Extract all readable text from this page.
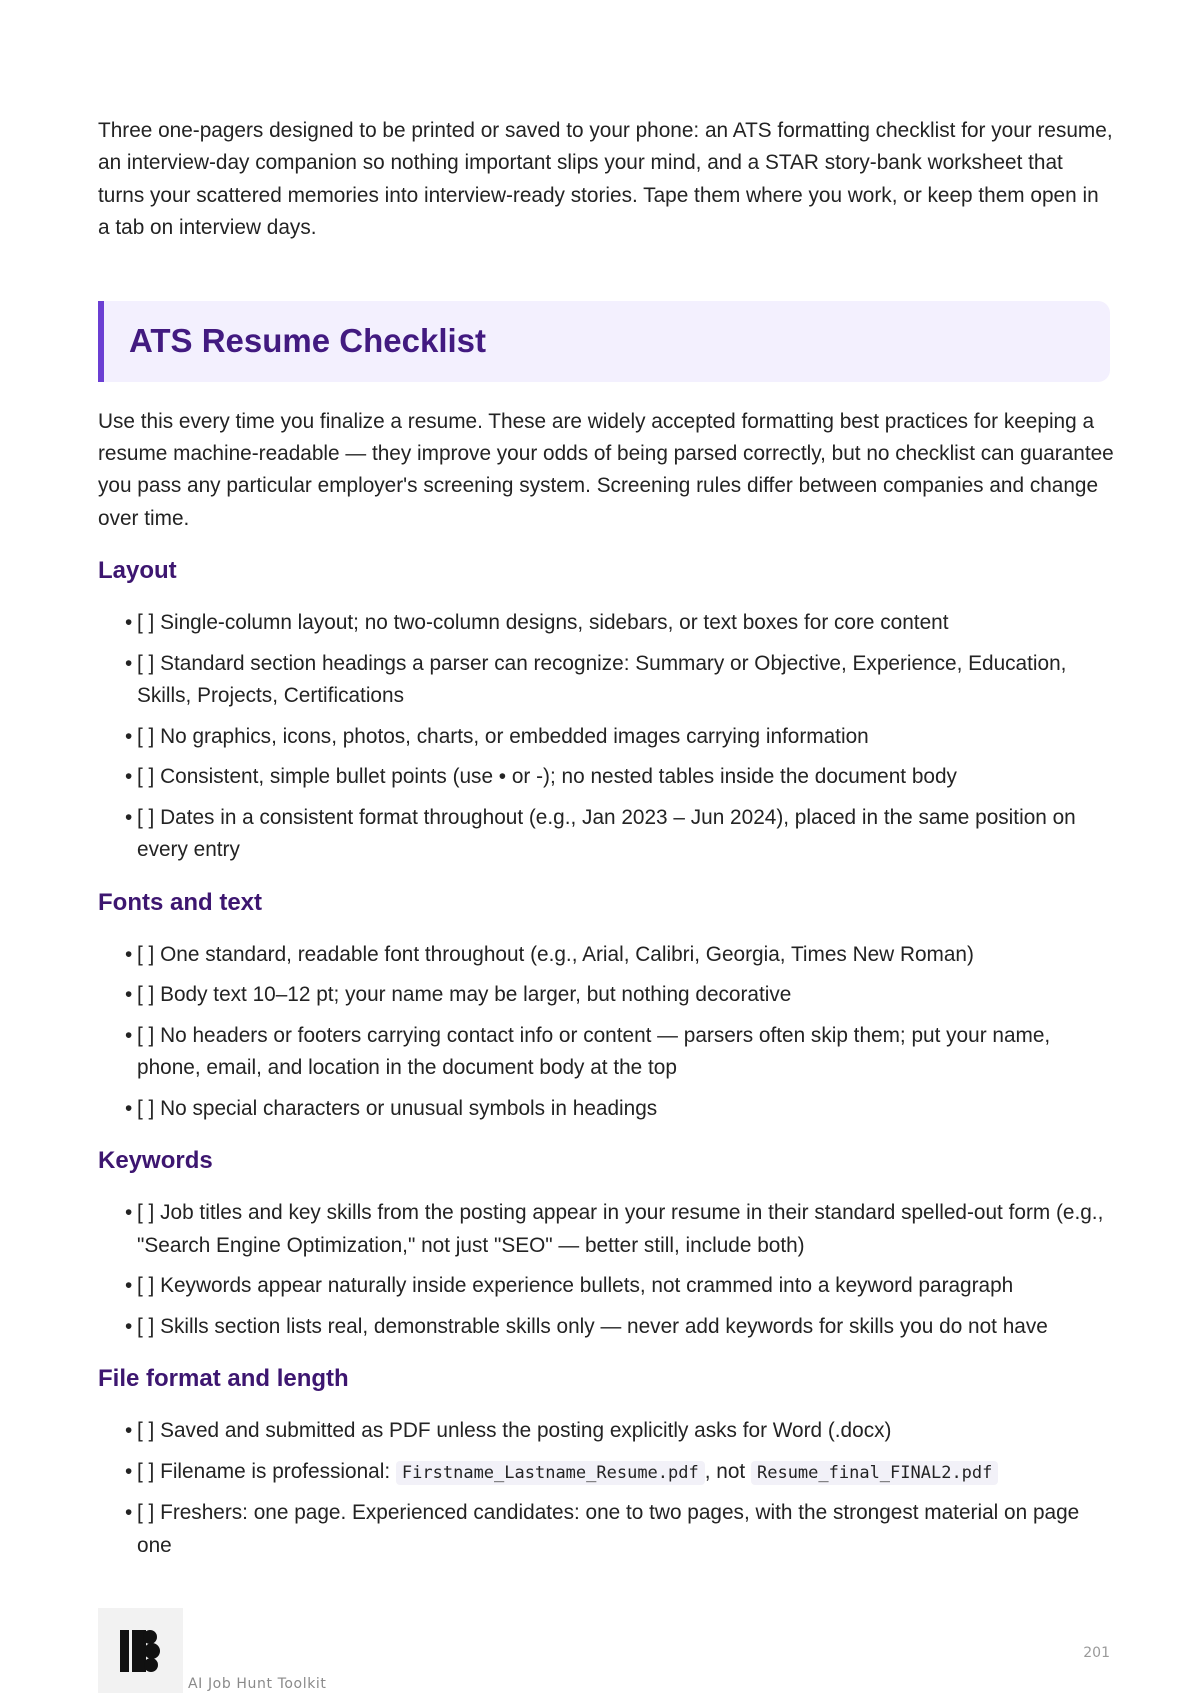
Three one-pagers designed to be printed or saved to your phone: an ATS formatting checklist for your resume, an interview-day companion so nothing important slips your mind, and a STAR story-bank worksheet that turns your scattered memories into interview-ready stories. Tape them where you work, or keep them open in a tab on interview days.

ATS Resume Checklist

Use this every time you finalize a resume. These are widely accepted formatting best practices for keeping a resume machine-readable — they improve your odds of being parsed correctly, but no checklist can guarantee you pass any particular employer's screening system. Screening rules differ between companies and change over time.

Layout
• [ ] Single-column layout; no two-column designs, sidebars, or text boxes for core content
• [ ] Standard section headings a parser can recognize: Summary or Objective, Experience, Education, Skills, Projects, Certifications
• [ ] No graphics, icons, photos, charts, or embedded images carrying information
• [ ] Consistent, simple bullet points (use • or -); no nested tables inside the document body
• [ ] Dates in a consistent format throughout (e.g., Jan 2023 – Jun 2024), placed in the same position on every entry
Fonts and text
• [ ] One standard, readable font throughout (e.g., Arial, Calibri, Georgia, Times New Roman)
• [ ] Body text 10–12 pt; your name may be larger, but nothing decorative
• [ ] No headers or footers carrying contact info or content — parsers often skip them; put your name, phone, email, and location in the document body at the top
• [ ] No special characters or unusual symbols in headings
Keywords
• [ ] Job titles and key skills from the posting appear in your resume in their standard spelled-out form (e.g., "Search Engine Optimization," not just "SEO" — better still, include both)
• [ ] Keywords appear naturally inside experience bullets, not crammed into a keyword paragraph
• [ ] Skills section lists real, demonstrable skills only — never add keywords for skills you do not have
File format and length
• [ ] Saved and submitted as PDF unless the posting explicitly asks for Word (.docx)
• [ ] Filename is professional: Firstname_Lastname_Resume.pdf , not Resume_final_FINAL2.pdf
• [ ] Freshers: one page. Experienced candidates: one to two pages, with the strongest material on page one
AI Job Hunt Toolkit
201
